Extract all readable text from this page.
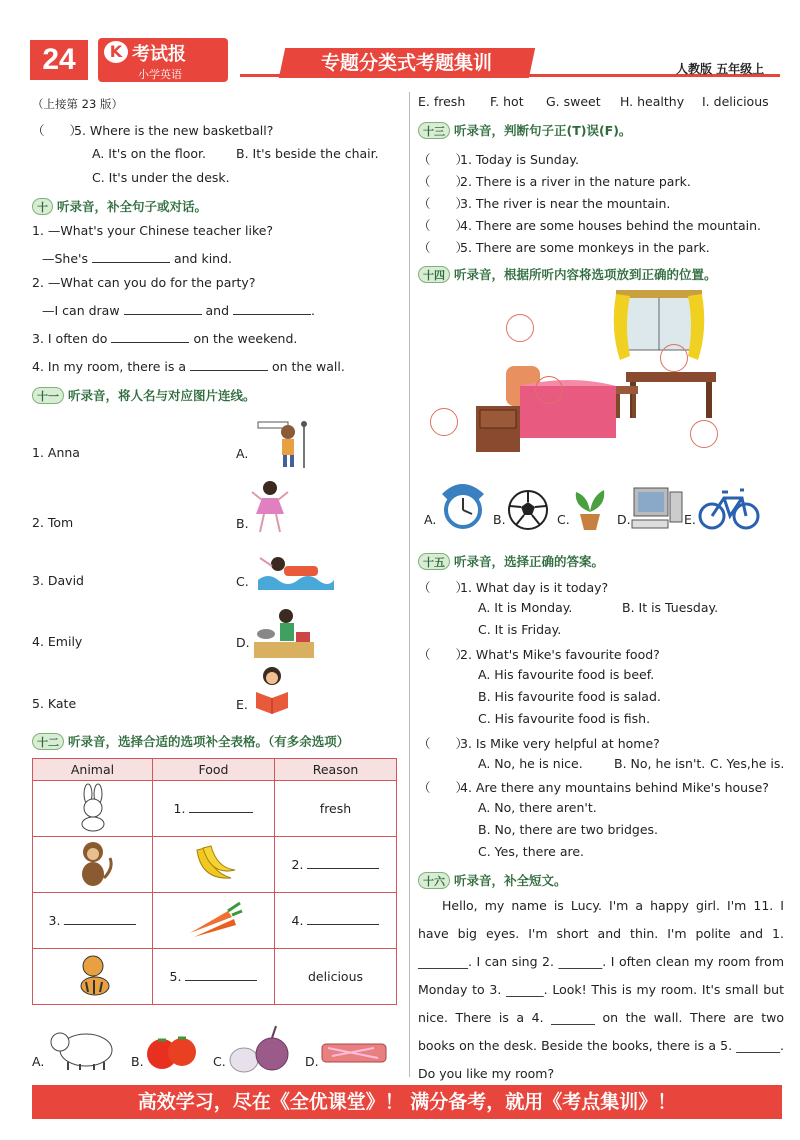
24	K 考试报
小学英语
专题分类式考题集训	人教版 五年级上
（上接第 23 版）
（　　）5. Where is the new basketball?
A. It's on the floor. B. It's beside the chair.
C. It's under the desk.
十 听录音，补全句子或对话。
1. —What's your Chinese teacher like?
—She's	and kind.
2. —What can you do for the party?
—I can draw	and	.
3. I often do	on the weekend.
4. In my room, there is a	on the wall.
十一 听录音，将人名与对应图片连线。
1. Anna
2. Tom
3. David
4. Emily
5. Kate
A.
B.
C.
D.
E.
十二 听录音，选择合适的选项补全表格。（有多余选项）
Animal	Food	Reason
	1.	fresh
		2.
3.		4.
	5.	delicious
A.	B.	C.	D.
E. fresh F. hot G. sweet H. healthy I. delicious
十三 听录音，判断句子正(T)误(F)。
（　　）1. Today is Sunday.
（　　）2. There is a river in the nature park.
（　　）3. The river is near the mountain.
（　　）4. There are some houses behind the mountain.
（　　）5. There are some monkeys in the park.
十四 听录音，根据所听内容将选项放到正确的位置。
A.	B.	C.	D.	E.
十五 听录音，选择正确的答案。
（　　）1. What day is it today?
A. It is Monday.	B. It is Tuesday.
C. It is Friday.
（　　）2. What's Mike's favourite food?
A. His favourite food is beef.
B. His favourite food is salad.
C. His favourite food is fish.
（　　）3. Is Mike very helpful at home?
A. No, he is nice.	B. No, he isn't. C. Yes,he is.
（　　）4. Are there any mountains behind Mike's house?
A. No, there aren't.
B. No, there are two bridges.
C. Yes, there are.
十六 听录音，补全短文。

Hello, my name is Lucy. I'm a happy girl. I'm 11. I have big eyes. I'm short and thin. I'm polite and 1. ________. I can sing 2. _______. I often clean my room from Monday to 3. ______. Look! This is my room. It's small but nice. There is a 4. _______ on the wall. There are two books on the desk. Beside the books, there is a 5. _______. Do you like my room?

高效学习，尽在《全优课堂》！ 满分备考，就用《考点集训》！
